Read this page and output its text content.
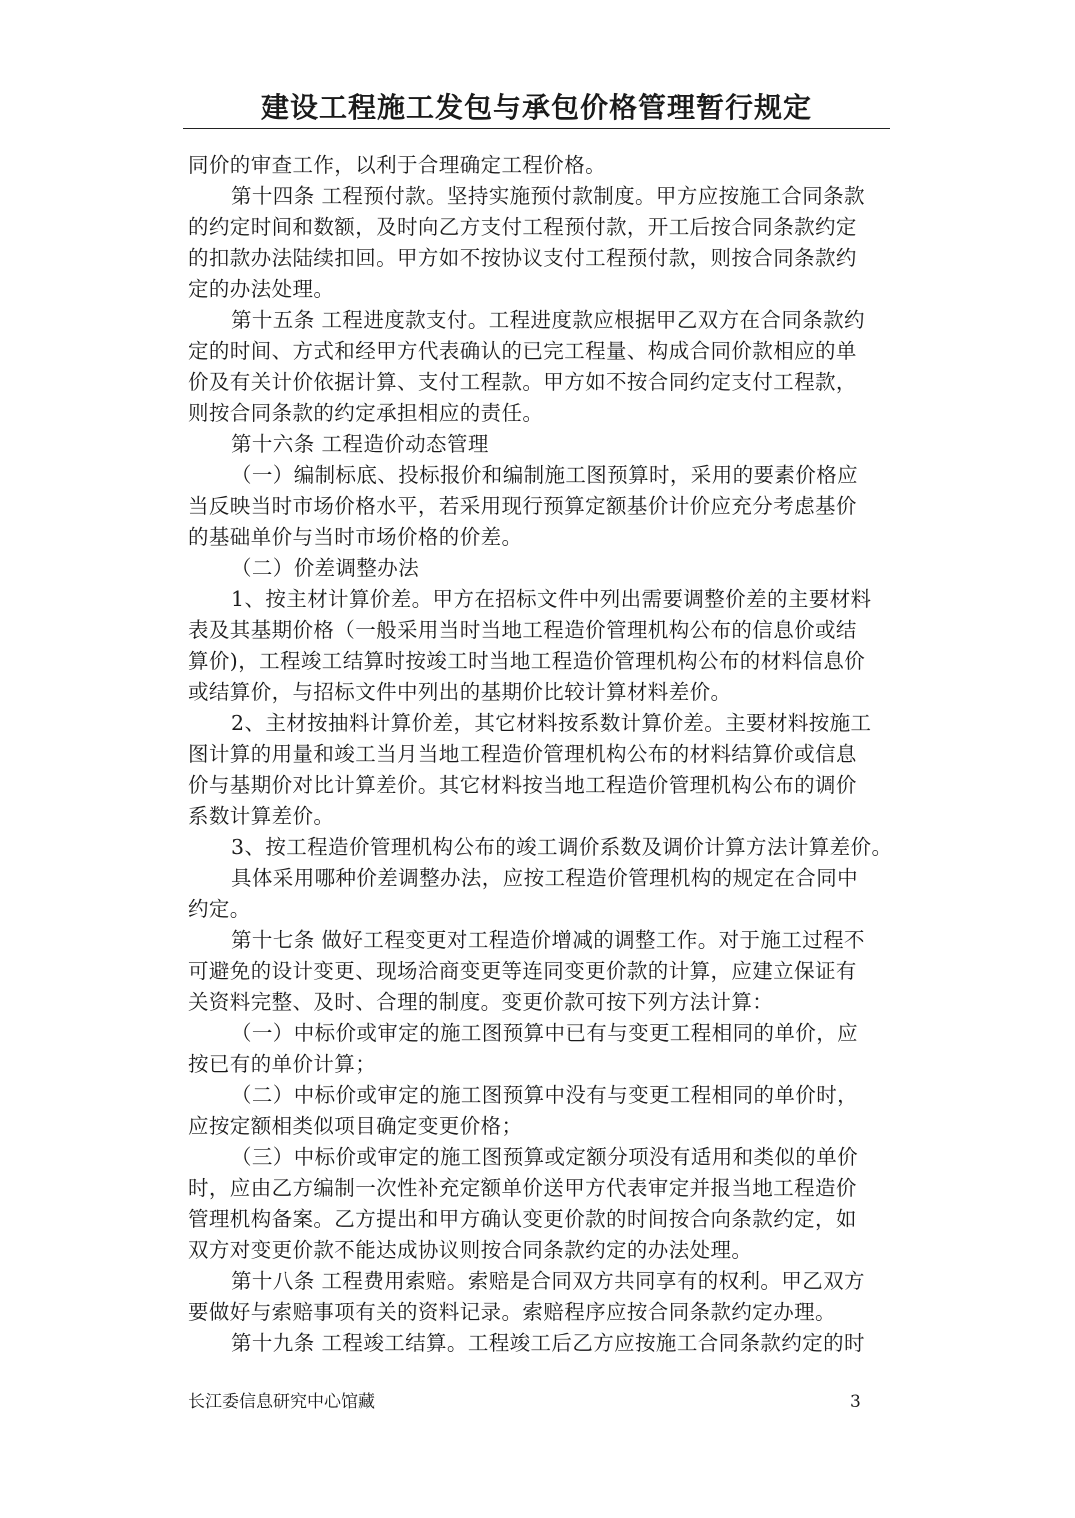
建设工程施工发包与承包价格管理暂行规定
同价的审查工作，以利于合理确定工程价格。
第十四条 工程预付款。坚持实施预付款制度。甲方应按施工合同条款
的约定时间和数额，及时向乙方支付工程预付款，开工后按合同条款约定
的扣款办法陆续扣回。甲方如不按协议支付工程预付款，则按合同条款约
定的办法处理。
第十五条 工程进度款支付。工程进度款应根据甲乙双方在合同条款约
定的时间、方式和经甲方代表确认的已完工程量、构成合同价款相应的单
价及有关计价依据计算、支付工程款。甲方如不按合同约定支付工程款，
则按合同条款的约定承担相应的责任。
第十六条 工程造价动态管理
（一）编制标底、投标报价和编制施工图预算时，采用的要素价格应
当反映当时市场价格水平，若采用现行预算定额基价计价应充分考虑基价
的基础单价与当时市场价格的价差。
（二）价差调整办法
1、按主材计算价差。甲方在招标文件中列出需要调整价差的主要材料
表及其基期价格（一般采用当时当地工程造价管理机构公布的信息价或结
算价)，工程竣工结算时按竣工时当地工程造价管理机构公布的材料信息价
或结算价，与招标文件中列出的基期价比较计算材料差价。
2、主材按抽料计算价差，其它材料按系数计算价差。主要材料按施工
图计算的用量和竣工当月当地工程造价管理机构公布的材料结算价或信息
价与基期价对比计算差价。其它材料按当地工程造价管理机构公布的调价
系数计算差价。
3、按工程造价管理机构公布的竣工调价系数及调价计算方法计算差价。
具体采用哪种价差调整办法，应按工程造价管理机构的规定在合同中
约定。
第十七条 做好工程变更对工程造价增减的调整工作。对于施工过程不
可避免的设计变更、现场洽商变更等连同变更价款的计算，应建立保证有
关资料完整、及时、合理的制度。变更价款可按下列方法计算：
（一）中标价或审定的施工图预算中已有与变更工程相同的单价，应
按已有的单价计算；
（二）中标价或审定的施工图预算中没有与变更工程相同的单价时，
应按定额相类似项目确定变更价格；
（三）中标价或审定的施工图预算或定额分项没有适用和类似的单价
时，应由乙方编制一次性补充定额单价送甲方代表审定并报当地工程造价
管理机构备案。乙方提出和甲方确认变更价款的时间按合向条款约定，如
双方对变更价款不能达成协议则按合同条款约定的办法处理。
第十八条 工程费用索赔。索赔是合同双方共同享有的权利。甲乙双方
要做好与索赔事项有关的资料记录。索赔程序应按合同条款约定办理。
第十九条 工程竣工结算。工程竣工后乙方应按施工合同条款约定的时
长江委信息研究中心馆藏	3
